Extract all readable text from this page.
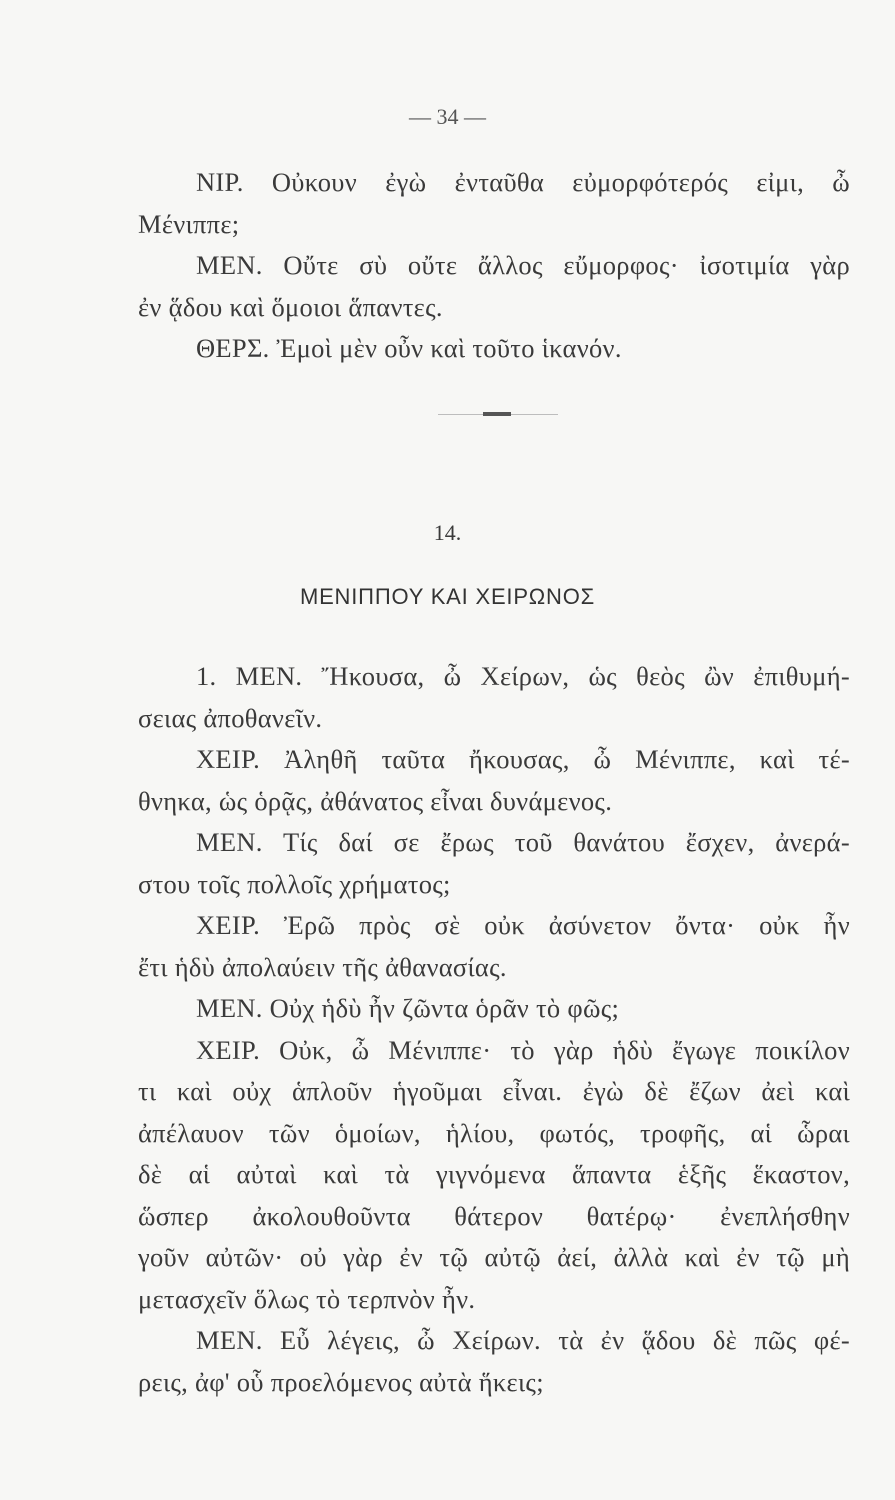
— 34 —
ΝΙΡ. Οὐκουν ἐγὼ ἐνταῦθα εὐμορφότερός εἰμι, ὦ
Μένιππε;
ΜΕΝ. Οὔτε σὺ οὔτε ἄλλος εὔμορφος· ἰσοτιμία γὰρ
ἐν ᾅδου καὶ ὅμοιοι ἅπαντες.
ΘΕΡΣ. Ἐμοὶ μὲν οὖν καὶ τοῦτο ἱκανόν.
14.
ΜΕΝΙΠΠΟΥ ΚΑΙ ΧΕΙΡΩΝΟΣ
1. ΜΕΝ. Ἤκουσα, ὦ Χείρων, ὡς θεὸς ὢν ἐπιθυμή-
σειας ἀποθανεῖν.
ΧΕΙΡ. Ἀληθῆ ταῦτα ἤκουσας, ὦ Μένιππε, καὶ τέ-
θνηκα, ὡς ὁρᾷς, ἀθάνατος εἶναι δυνάμενος.
ΜΕΝ. Τίς δαί σε ἔρως τοῦ θανάτου ἔσχεν, ἀνερά-
στου τοῖς πολλοῖς χρήματος;
ΧΕΙΡ. Ἐρῶ πρὸς σὲ οὐκ ἀσύνετον ὄντα· οὐκ ἦν
ἔτι ἡδὺ ἀπολαύειν τῆς ἀθανασίας.
ΜΕΝ. Οὐχ ἡδὺ ἦν ζῶντα ὁρᾶν τὸ φῶς;
ΧΕΙΡ. Οὐκ, ὦ Μένιππε· τὸ γὰρ ἡδὺ ἔγωγε ποικίλον
τι καὶ οὐχ ἁπλοῦν ἡγοῦμαι εἶναι. ἐγὼ δὲ ἔζων ἀεὶ καὶ
ἀπέλαυον τῶν ὁμοίων, ἡλίου, φωτός, τροφῆς, αἱ ὧραι
δὲ αἱ αὐταὶ καὶ τὰ γιγνόμενα ἅπαντα ἑξῆς ἕκαστον,
ὥσπερ ἀκολουθοῦντα θάτερον θατέρῳ· ἐνεπλήσθην
γοῦν αὐτῶν· οὐ γὰρ ἐν τῷ αὐτῷ ἀεί, ἀλλὰ καὶ ἐν τῷ μὴ
μετασχεῖν ὅλως τὸ τερπνὸν ἦν.
ΜΕΝ. Εὖ λέγεις, ὦ Χείρων. τὰ ἐν ᾅδου δὲ πῶς φέ-
ρεις, ἀφ' οὗ προελόμενος αὐτὰ ἥκεις;
